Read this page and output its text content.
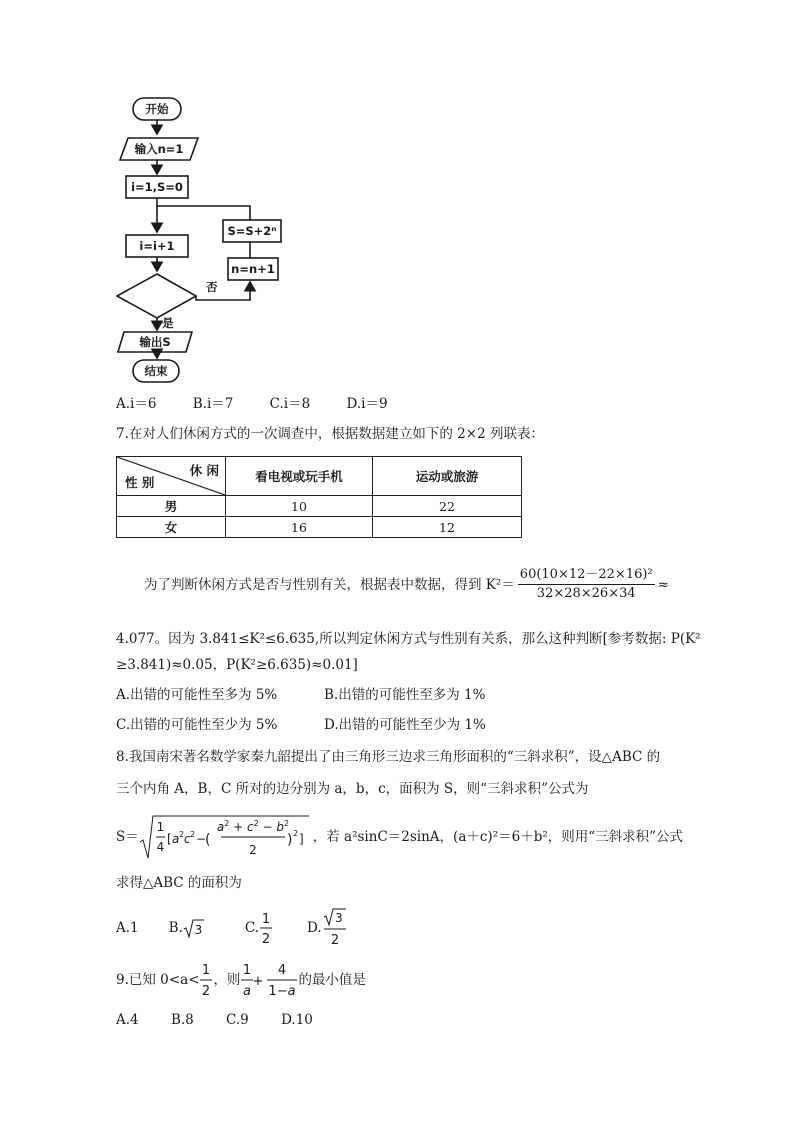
开始
输入n=1
i=1,S=0
i=i+1
S=S+2ⁿ
n=n+1
否
是
输出S
结束
A.i＝6	B.i＝7	C.i＝8	D.i＝9
7.在对人们休闲方式的一次调查中，根据数据建立如下的 2×2 列联表：
休 闲
性 别	看电视或玩手机	运动或旅游
男	10	22
女	16	12
为了判断休闲方式是否与性别有关，根据表中数据，得到 $K^2= \frac{\text{60(10×12－22×16)²}}{32\times 28\times 26\times 34}$ ≈
4.077。因为 3.841≤K²≤6.635,所以判定休闲方式与性别有关系，那么这种判断[参考数据: P(K²
≥3.841)≈0.05，P(K²≥6.635)≈0.01]
A.出错的可能性至多为 5%	B.出错的可能性至多为 1%
C.出错的可能性至少为 5%	D.出错的可能性至少为 1%
8.我国南宋著名数学家秦九韶提出了由三角形三边求三角形面积的“三斜求积”，设△ABC 的
三个内角 A，B，C 所对的边分别为 a，b，c，面积为 S，则“三斜求积”公式为
S＝
1
4
[ a 2 c 2 −
(
$a^2 + c^2 - b^2$
2
) 2 ] ，若 a²sinC＝2sinA，(a＋c)²＝6＋b²，则用“三斜求积”公式
求得△ABC 的面积为
A.1 B. 3	C.
1
2
D.
3
2
9.已知 0<a<
1
2
，则
1
a
+
4
1−a
的最小值是
A.4 B.8 C.9 D.10
